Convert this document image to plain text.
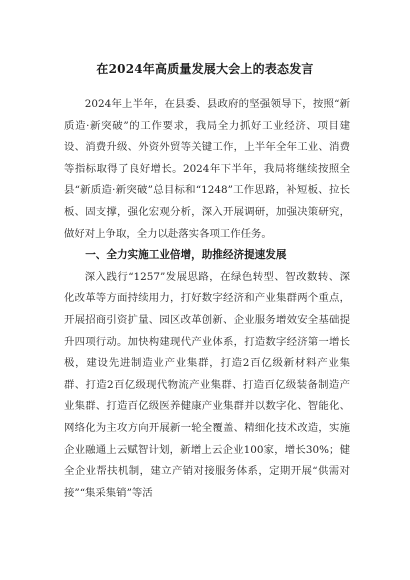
在2024年高质量发展大会上的表态发言

2024年上半年，在县委、县政府的坚强领导下，按照“新质造·新突破”的工作要求，我局全力抓好工业经济、项目建设、消费升级、外资外贸等关键工作，上半年全年工业、消费等指标取得了良好增长。2024年下半年，我局将继续按照全县“新质造·新突破”总目标和“1248”工作思路，补短板、拉长板、固支撑，强化宏观分析，深入开展调研，加强决策研究，做好对上争取，全力以赴落实各项工作任务。

一、全力实施工业倍增，助推经济提速发展

深入践行“1257”发展思路，在绿色转型、智改数转、深化改革等方面持续用力，打好数字经济和产业集群两个重点，开展招商引资扩量、园区改革创新、企业服务增效安全基础提升四项行动。加快构建现代产业体系，打造数字经济第一增长极，建设先进制造业产业集群，打造2百亿级新材料产业集群、打造2百亿级现代物流产业集群、打造百亿级装备制造产业集群、打造百亿级医养健康产业集群并以数字化、智能化、网络化为主攻方向开展新一轮全覆盖、精细化技术改造，实施企业融通上云赋智计划，新增上云企业100家，增长30%；健全企业帮扶机制，建立产销对接服务体系，定期开展“供需对接”“集采集销”等活
